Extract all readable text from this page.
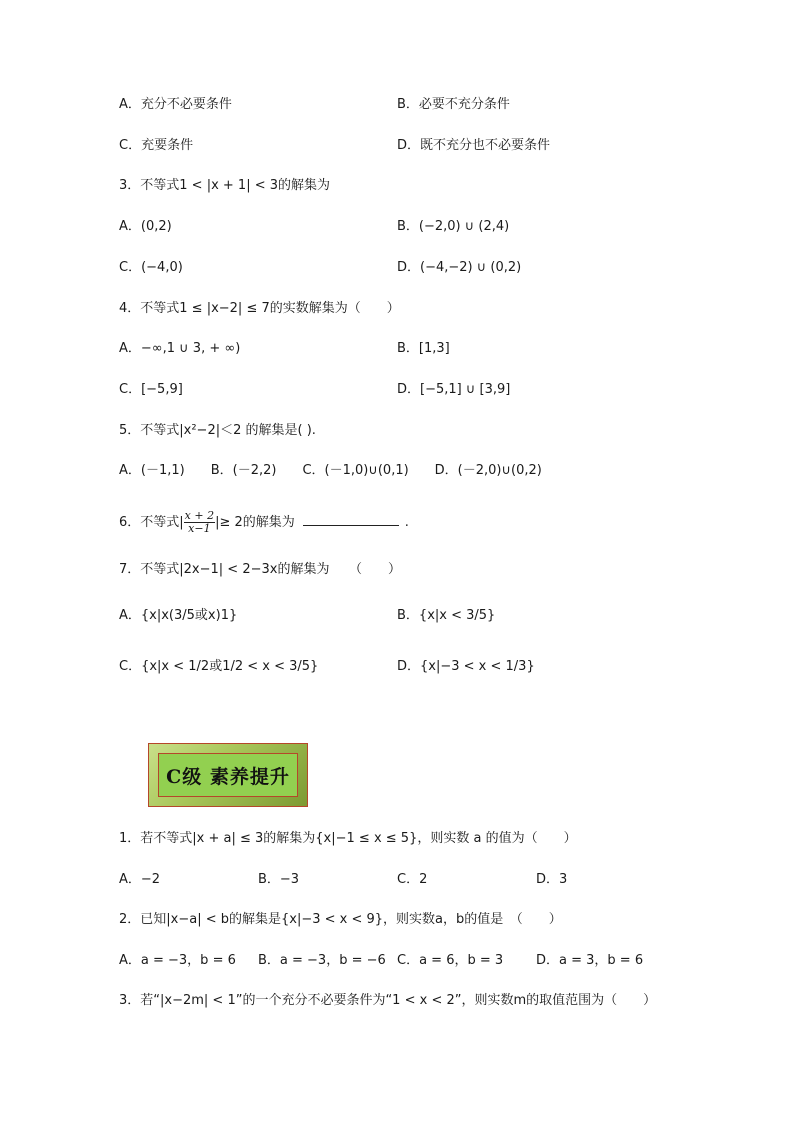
A．充分不必要条件	B．必要不充分条件
C．充要条件	D．既不充分也不必要条件
3．不等式1 < |x + 1| < 3的解集为
A．(0,2)	B．(−2,0) ∪ (2,4)
C．(−4,0)	D．(−4,−2) ∪ (0,2)
4．不等式1 ≤ |x−2| ≤ 7的实数解集为（　　）
A．−∞,1 ∪ 3, + ∞)	B．[1,3]
C．[−5,9]	D．[−5,1] ∪ [3,9]
5．不等式|x²−2|＜2 的解集是( ).
A．(－1,1)　　B．(－2,2)　　C．(－1,0)∪(0,1)　　D．(－2,0)∪(0,2)
6．不等式| $\frac{x + 2}{x-1}$ |≥ 2的解集为	.
7．不等式|2x−1| < 2−3x的解集为　　（　　）
A．{x|x(3/5或x)1}	B．{x|x < 3/5}
C．{x|x < 1/2或1/2 < x < 3/5}	D．{x|−3 < x < 1/3}
C级 素养提升
1．若不等式|x + a| ≤ 3的解集为{x|−1 ≤ x ≤ 5}，则实数 a 的值为（　　）
A．−2	B．−3	C．2	D．3
2．已知|x−a| < b的解集是{x|−3 < x < 9}，则实数a，b的值是　（　　）
A．a = −3，b = 6 B．a = −3，b = −6 C．a = 6，b = 3	D．a = 3，b = 6
3．若“|x−2m| < 1”的一个充分不必要条件为“1 < x < 2”，则实数m的取值范围为（　　）
